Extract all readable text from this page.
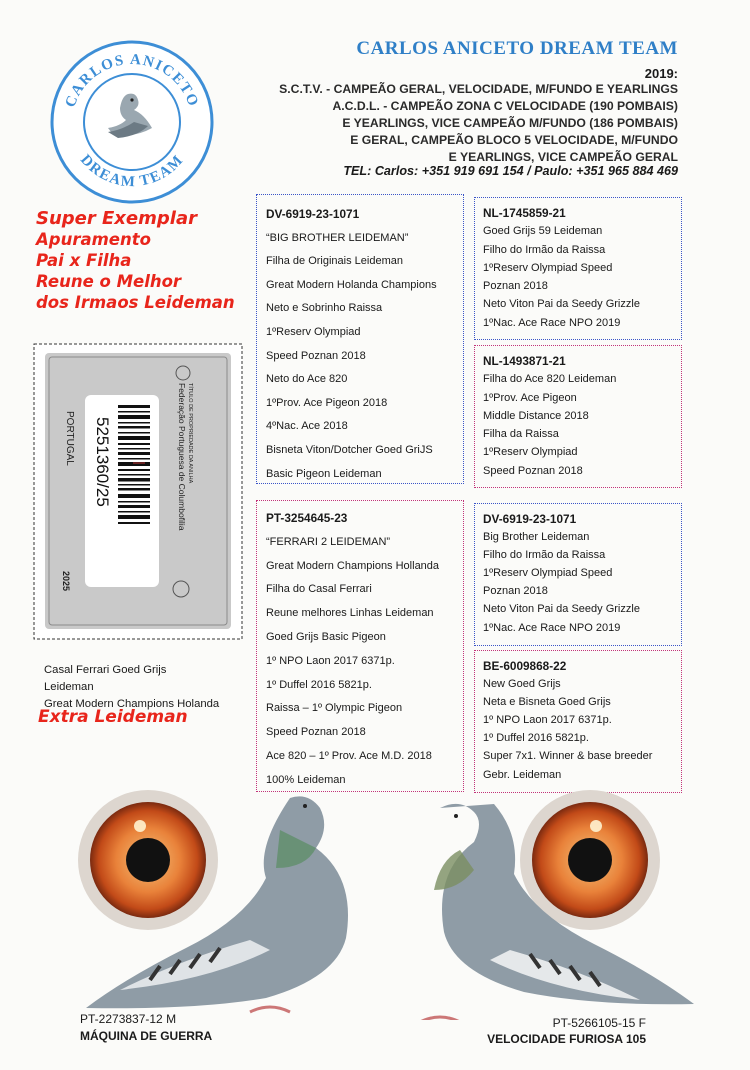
CARLOS ANICETO
DREAM TEAM
CARLOS ANICETO DREAM TEAM
2019:
S.C.T.V. - CAMPEÃO GERAL, VELOCIDADE, M/FUNDO E YEARLINGS
A.C.D.L. - CAMPEÃO ZONA C VELOCIDADE (190 POMBAIS)
E YEARLINGS, VICE CAMPEÃO M/FUNDO (186 POMBAIS)
E GERAL, CAMPEÃO BLOCO 5 VELOCIDADE, M/FUNDO
E YEARLINGS, VICE CAMPEÃO GERAL
TEL: Carlos: +351 919 691 154 / Paulo: +351 965 884 469
Super Exemplar
Apuramento
Pai x Filha
Reune o Melhor
dos Irmaos Leideman
PORTUGAL 5251360/25	Federação Portuguesa de Columbofilia TÍTULO DE PROPRIEDADE DA ANILHA
2025
Casal Ferrari Goed Grijs
Leideman
Great Modern Champions Holanda
Extra Leideman
DV-6919-23-1071
“BIG BROTHER LEIDEMAN”
Filha de Originais Leideman
Great Modern Holanda Champions
Neto e Sobrinho Raissa
1ºReserv Olympiad
Speed Poznan 2018
Neto do Ace 820
1ºProv. Ace Pigeon 2018
4ºNac. Ace 2018
Bisneta Viton/Dotcher Goed GriJS
Basic Pigeon Leideman
NL-1745859-21
Goed Grijs 59 Leideman
Filho do Irmão da Raissa
1ºReserv Olympiad Speed
Poznan 2018
Neto Viton Pai da Seedy Grizzle
1ºNac. Ace Race NPO 2019
NL-1493871-21
Filha do Ace 820 Leideman
1ºProv. Ace Pigeon
Middle Distance 2018
Filha da Raissa
1ºReserv Olympiad
Speed Poznan 2018
PT-3254645-23
“FERRARI 2 LEIDEMAN”
Great Modern Champions Hollanda
Filha do Casal Ferrari
Reune melhores Linhas Leideman
Goed Grijs Basic Pigeon
1º NPO Laon 2017 6371p.
1º Duffel 2016 5821p.
Raissa – 1º Olympic Pigeon
Speed Poznan 2018
Ace 820 – 1º Prov. Ace M.D. 2018
100% Leideman
DV-6919-23-1071
Big Brother Leideman
Filho do Irmão da Raissa
1ºReserv Olympiad Speed
Poznan 2018
Neto Viton Pai da Seedy Grizzle
1ºNac. Ace Race NPO 2019
BE-6009868-22
New Goed Grijs
Neta e Bisneta Goed Grijs
1º NPO Laon 2017 6371p.
1º Duffel 2016 5821p.
Super 7x1. Winner & base breeder
Gebr. Leideman
PT-2273837-12 M
MÁQUINA DE GUERRA
PT-5266105-15 F
VELOCIDADE FURIOSA 105
